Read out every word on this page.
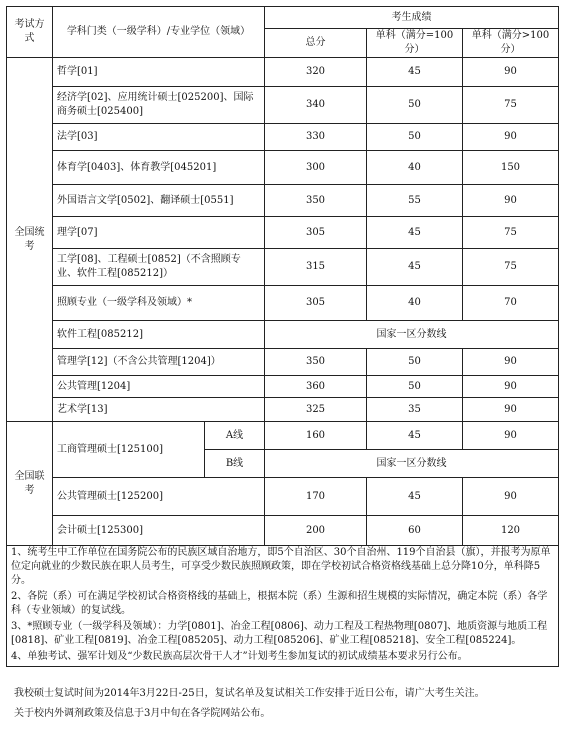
考试方式	学科门类（一级学科）/专业学位（领域）		考生成绩		
			总分	单科（满分=100分）	单科（满分>100分）
全国统考	哲学[01]		320	45	90
	经济学[02]、应用统计硕士[025200]、国际商务硕士[025400]		340	50	75
	法学[03]		330	50	90
	体育学[0403]、体育教学[045201]		300	40	150
	外国语言文学[0502]、翻译硕士[0551]		350	55	90
	理学[07]		305	45	75
	工学[08]、工程硕士[0852]（不含照顾专业、软件工程[085212]）		315	45	75
	照顾专业（一级学科及领域）*		305	40	70
	软件工程[085212]		国家一区分数线		
	管理学[12]（不含公共管理[1204]）		350	50	90
	公共管理[1204]		360	50	90
	艺术学[13]		325	35	90
全国联考	工商管理硕士[125100]	A线	160	45	90
		B线	国家一区分数线		
	公共管理硕士[125200]		170	45	90
	会计硕士[125300]		200	60	120

1、统考生中工作单位在国务院公布的民族区域自治地方，即5个自治区、30个自治州、119个自治县（旗），并报考为原单位定向就业的少数民族在职人员考生，可享受少数民族照顾政策，即在学校初试合格资格线基础上总分降10分，单科降5分。

2、各院（系）可在满足学校初试合格资格线的基础上，根据本院（系）生源和招生规模的实际情况，确定本院（系）各学科（专业领域）的复试线。

3、*照顾专业（一级学科及领域）：力学[0801]、冶金工程[0806]、动力工程及工程热物理[0807]、地质资源与地质工程[0818]、矿业工程[0819]、冶金工程[085205]、动力工程[085206]、矿业工程[085218]、安全工程[085224]。

4、单独考试、强军计划及“少数民族高层次骨干人才”计划考生参加复试的初试成绩基本要求另行公布。					

我校硕士复试时间为2014年3月22日-25日，复试名单及复试相关工作安排于近日公布，请广大考生关注。

关于校内外调剂政策及信息于3月中旬在各学院网站公布。
